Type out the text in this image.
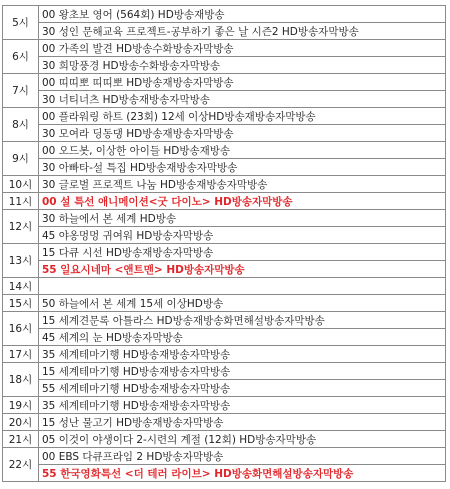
5시	00 왕초보 영어 (564회) HD방송재방송
	30 성인 문해교육 프로젝트-공부하기 좋은 날 시즌2 HD방송자막방송
6시	00 가족의 발견 HD방송수화방송자막방송
	30 희망풍경 HD방송수화방송자막방송
7시	00 띠띠뽀 띠띠뽀 HD방송재방송자막방송
	30 너티너츠 HD방송재방송자막방송
8시	00 플라워링 하트 (23회) 12세 이상HD방송재방송자막방송
	30 모여라 딩동댕 HD방송재방송자막방송
9시	00 오드봇, 이상한 아이들 HD방송재방송
	30 아빠타-설 특집 HD방송재방송자막방송
10시	30 글로벌 프로젝트 나눔 HD방송재방송자막방송
11시	00 설 특선 애니메이션<굿 다이노> HD방송자막방송
12시	30 하늘에서 본 세계 HD방송
	45 야옹멍멍 귀여워 HD방송자막방송
13시	15 다큐 시선 HD방송재방송자막방송
	55 일요시네마 <앤트맨> HD방송자막방송
14시	
15시	50 하늘에서 본 세계 15세 이상HD방송
16시	15 세계견문록 아틀라스 HD방송재방송화면해설방송자막방송
	45 세계의 눈 HD방송자막방송
17시	35 세계테마기행 HD방송재방송자막방송
18시	15 세계테마기행 HD방송재방송자막방송
	55 세계테마기행 HD방송재방송자막방송
19시	35 세계테마기행 HD방송재방송자막방송
20시	15 성난 물고기 HD방송재방송자막방송
21시	05 이것이 야생이다 2-시련의 계절 (12회) HD방송자막방송
22시	00 EBS 다큐프라임 2 HD방송자막방송
	55 한국영화특선 <더 테러 라이브> HD방송화면해설방송자막방송
